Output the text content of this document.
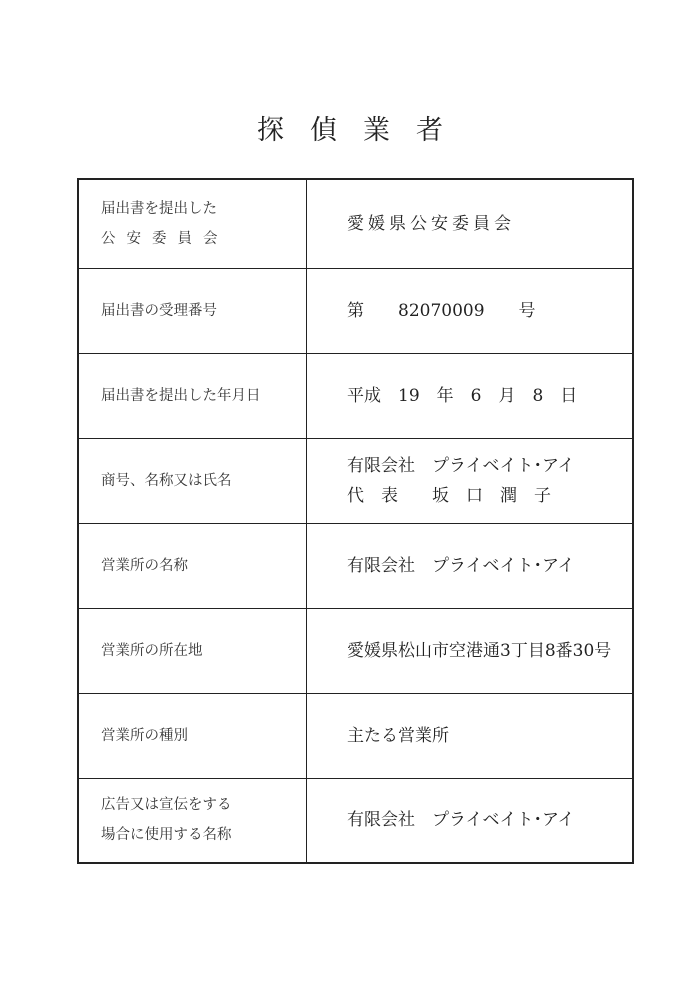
探偵業者
届出書を提出した
公安委員会	愛媛県公安委員会

届出書の受理番号	第　　82070009　　号

届出書を提出した年月日	平成　19　年　6　月　8　日

商号、名称又は氏名	有限会社　プライベイト･アイ
代　表　　坂　口　潤　子

営業所の名称	有限会社　プライベイト･アイ

営業所の所在地	愛媛県松山市空港通3丁目8番30号

営業所の種別	主たる営業所

広告又は宣伝をする
場合に使用する名称	有限会社　プライベイト･アイ
